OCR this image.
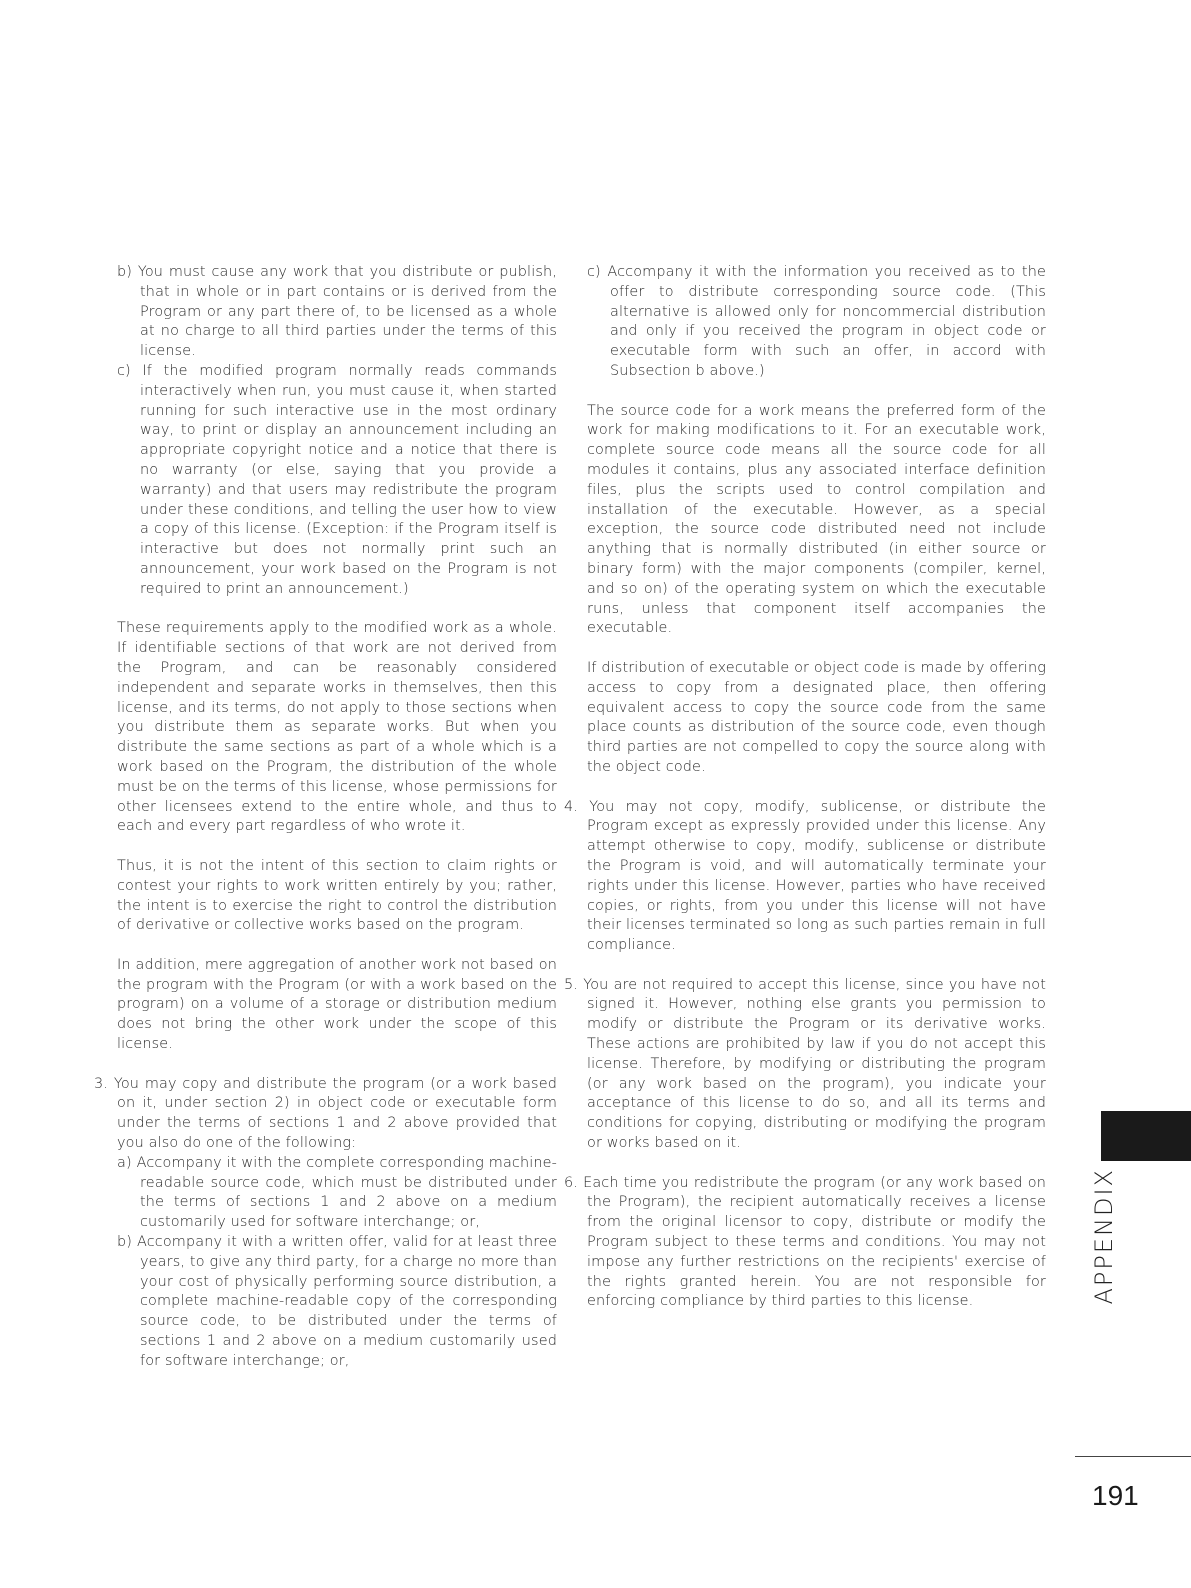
b) You must cause any work that you distribute or publish, that in whole or in part contains or is derived from the Program or any part there of, to be licensed as a whole at no charge to all third parties under the terms of this license.

c) If the modified program normally reads commands interactively when run, you must cause it, when started running for such interactive use in the most ordinary way, to print or display an announcement including an appropriate copyright notice and a notice that there is no warranty (or else, saying that you provide a warranty) and that users may redistribute the program under these conditions, and telling the user how to view a copy of this license. (Exception: if the Program itself is interactive but does not normally print such an announcement, your work based on the Program is not required to print an announcement.)

These requirements apply to the modified work as a whole. If identifiable sections of that work are not derived from the Program, and can be reasonably considered independent and separate works in themselves, then this license, and its terms, do not apply to those sections when you distribute them as separate works. But when you distribute the same sections as part of a whole which is a work based on the Program, the distribution of the whole must be on the terms of this license, whose permissions for other licensees extend to the entire whole, and thus to each and every part regardless of who wrote it.

Thus, it is not the intent of this section to claim rights or contest your rights to work written entirely by you; rather, the intent is to exercise the right to control the distribution of derivative or collective works based on the program.

In addition, mere aggregation of another work not based on the program with the Program (or with a work based on the program) on a volume of a storage or distribution medium does not bring the other work under the scope of this license.

3. You may copy and distribute the program (or a work based on it, under section 2) in object code or executable form under the terms of sections 1 and 2 above provided that you also do one of the following:

a) Accompany it with the complete corresponding machine-readable source code, which must be distributed under the terms of sections 1 and 2 above on a medium customarily used for software interchange; or,

b) Accompany it with a written offer, valid for at least three years, to give any third party, for a charge no more than your cost of physically performing source distribution, a complete machine-readable copy of the corresponding source code, to be distributed under the terms of sections 1 and 2 above on a medium customarily used for software interchange; or,

c) Accompany it with the information you received as to the offer to distribute corresponding source code. (This alternative is allowed only for noncommercial distribution and only if you received the program in object code or executable form with such an offer, in accord with Subsection b above.)

The source code for a work means the preferred form of the work for making modifications to it. For an executable work, complete source code means all the source code for all modules it contains, plus any associated interface definition files, plus the scripts used to control compilation and installation of the executable. However, as a special exception, the source code distributed need not include anything that is normally distributed (in either source or binary form) with the major components (compiler, kernel, and so on) of the operating system on which the executable runs, unless that component itself accompanies the executable.

If distribution of executable or object code is made by offering access to copy from a designated place, then offering equivalent access to copy the source code from the same place counts as distribution of the source code, even though third parties are not compelled to copy the source along with the object code.

4. You may not copy, modify, sublicense, or distribute the Program except as expressly provided under this license. Any attempt otherwise to copy, modify, sublicense or distribute the Program is void, and will automatically terminate your rights under this license. However, parties who have received copies, or rights, from you under this license will not have their licenses terminated so long as such parties remain in full compliance.

5. You are not required to accept this license, since you have not signed it. However, nothing else grants you permission to modify or distribute the Program or its derivative works. These actions are prohibited by law if you do not accept this license. Therefore, by modifying or distributing the program (or any work based on the program), you indicate your acceptance of this license to do so, and all its terms and conditions for copying, distributing or modifying the program or works based on it.

6. Each time you redistribute the program (or any work based on the Program), the recipient automatically receives a license from the original licensor to copy, distribute or modify the Program subject to these terms and conditions. You may not impose any further restrictions on the recipients' exercise of the rights granted herein. You are not responsible for enforcing compliance by third parties to this license.	APPENDIX
191
